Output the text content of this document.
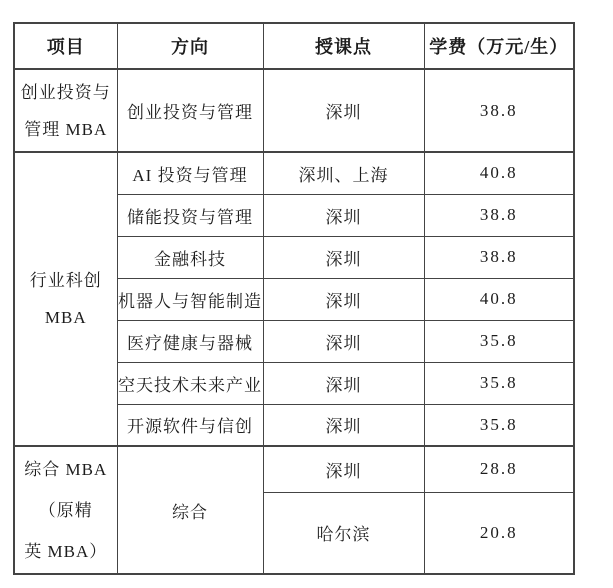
项目	方向	授课点	学费（万元/生）

创业投资与
管理 MBA	创业投资与管理	深圳	38.8

行业科创 MBA	AI 投资与管理	深圳、上海	40.8
	储能投资与管理	深圳	38.8
	金融科技	深圳	38.8
	机器人与智能制造	深圳	40.8
	医疗健康与器械	深圳	35.8
	空天技术未来产业	深圳	35.8
	开源软件与信创	深圳	35.8

综合 MBA
（原精
英 MBA）	综合	深圳	28.8
		哈尔滨	20.8
